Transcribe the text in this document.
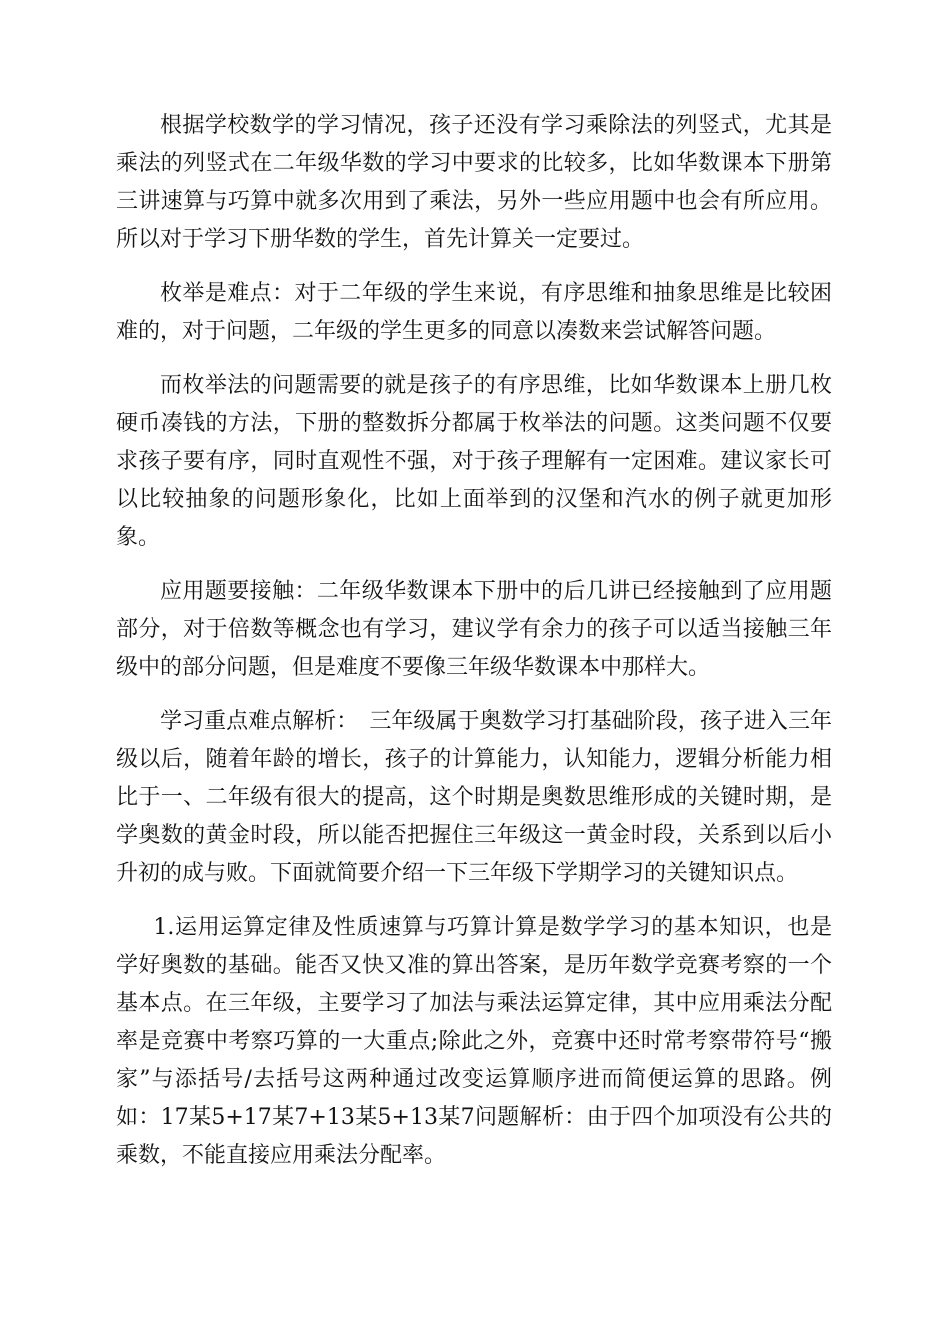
根据学校数学的学习情况，孩子还没有学习乘除法的列竖式，尤其是乘法的列竖式在二年级华数的学习中要求的比较多，比如华数课本下册第三讲速算与巧算中就多次用到了乘法，另外一些应用题中也会有所应用。所以对于学习下册华数的学生，首先计算关一定要过。

枚举是难点：对于二年级的学生来说，有序思维和抽象思维是比较困难的，对于问题，二年级的学生更多的同意以凑数来尝试解答问题。

而枚举法的问题需要的就是孩子的有序思维，比如华数课本上册几枚硬币凑钱的方法，下册的整数拆分都属于枚举法的问题。这类问题不仅要求孩子要有序，同时直观性不强，对于孩子理解有一定困难。建议家长可以比较抽象的问题形象化，比如上面举到的汉堡和汽水的例子就更加形象。

应用题要接触：二年级华数课本下册中的后几讲已经接触到了应用题部分，对于倍数等概念也有学习，建议学有余力的孩子可以适当接触三年级中的部分问题，但是难度不要像三年级华数课本中那样大。

学习重点难点解析：　三年级属于奥数学习打基础阶段，孩子进入三年级以后，随着年龄的增长，孩子的计算能力，认知能力，逻辑分析能力相比于一、二年级有很大的提高，这个时期是奥数思维形成的关键时期，是学奥数的黄金时段，所以能否把握住三年级这一黄金时段，关系到以后小升初的成与败。下面就简要介绍一下三年级下学期学习的关键知识点。

1.运用运算定律及性质速算与巧算计算是数学学习的基本知识，也是学好奥数的基础。能否又快又准的算出答案，是历年数学竞赛考察的一个基本点。在三年级，主要学习了加法与乘法运算定律，其中应用乘法分配率是竞赛中考察巧算的一大重点;除此之外，竞赛中还时常考察带符号“搬家”与添括号/去括号这两种通过改变运算顺序进而简便运算的思路。例如：17某5+17某7+13某5+13某7问题解析：由于四个加项没有公共的乘数，不能直接应用乘法分配率。
